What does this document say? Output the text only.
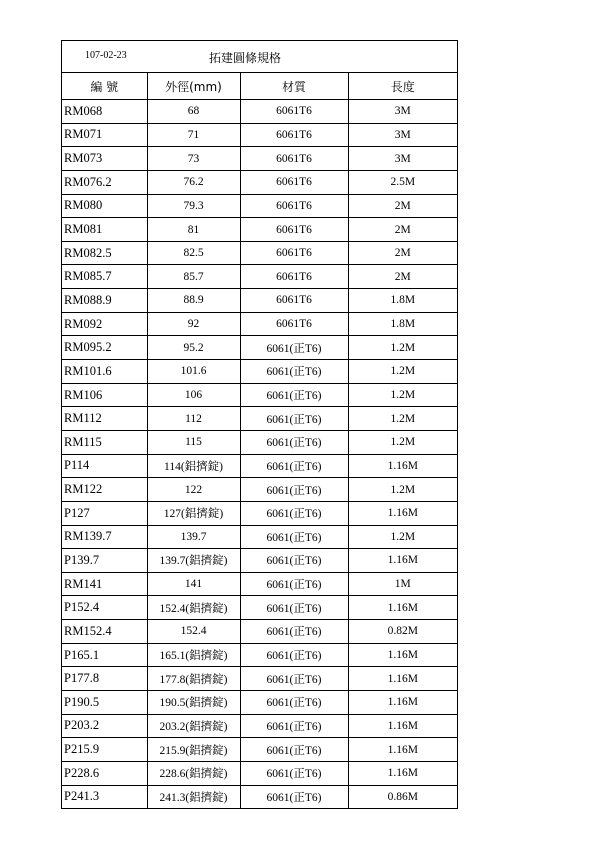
107-02-23	拓建圓條規格
編 號	外徑(mm)	材質	長度
RM068	68	6061T6	3M
RM071	71	6061T6	3M
RM073	73	6061T6	3M
RM076.2	76.2	6061T6	2.5M
RM080	79.3	6061T6	2M
RM081	81	6061T6	2M
RM082.5	82.5	6061T6	2M
RM085.7	85.7	6061T6	2M
RM088.9	88.9	6061T6	1.8M
RM092	92	6061T6	1.8M
RM095.2	95.2	6061(正T6)	1.2M
RM101.6	101.6	6061(正T6)	1.2M
RM106	106	6061(正T6)	1.2M
RM112	112	6061(正T6)	1.2M
RM115	115	6061(正T6)	1.2M
P114	114(鋁擠錠)	6061(正T6)	1.16M
RM122	122	6061(正T6)	1.2M
P127	127(鋁擠錠)	6061(正T6)	1.16M
RM139.7	139.7	6061(正T6)	1.2M
P139.7	139.7(鋁擠錠)	6061(正T6)	1.16M
RM141	141	6061(正T6)	1M
P152.4	152.4(鋁擠錠)	6061(正T6)	1.16M
RM152.4	152.4	6061(正T6)	0.82M
P165.1	165.1(鋁擠錠)	6061(正T6)	1.16M
P177.8	177.8(鋁擠錠)	6061(正T6)	1.16M
P190.5	190.5(鋁擠錠)	6061(正T6)	1.16M
P203.2	203.2(鋁擠錠)	6061(正T6)	1.16M
P215.9	215.9(鋁擠錠)	6061(正T6)	1.16M
P228.6	228.6(鋁擠錠)	6061(正T6)	1.16M
P241.3	241.3(鋁擠錠)	6061(正T6)	0.86M
